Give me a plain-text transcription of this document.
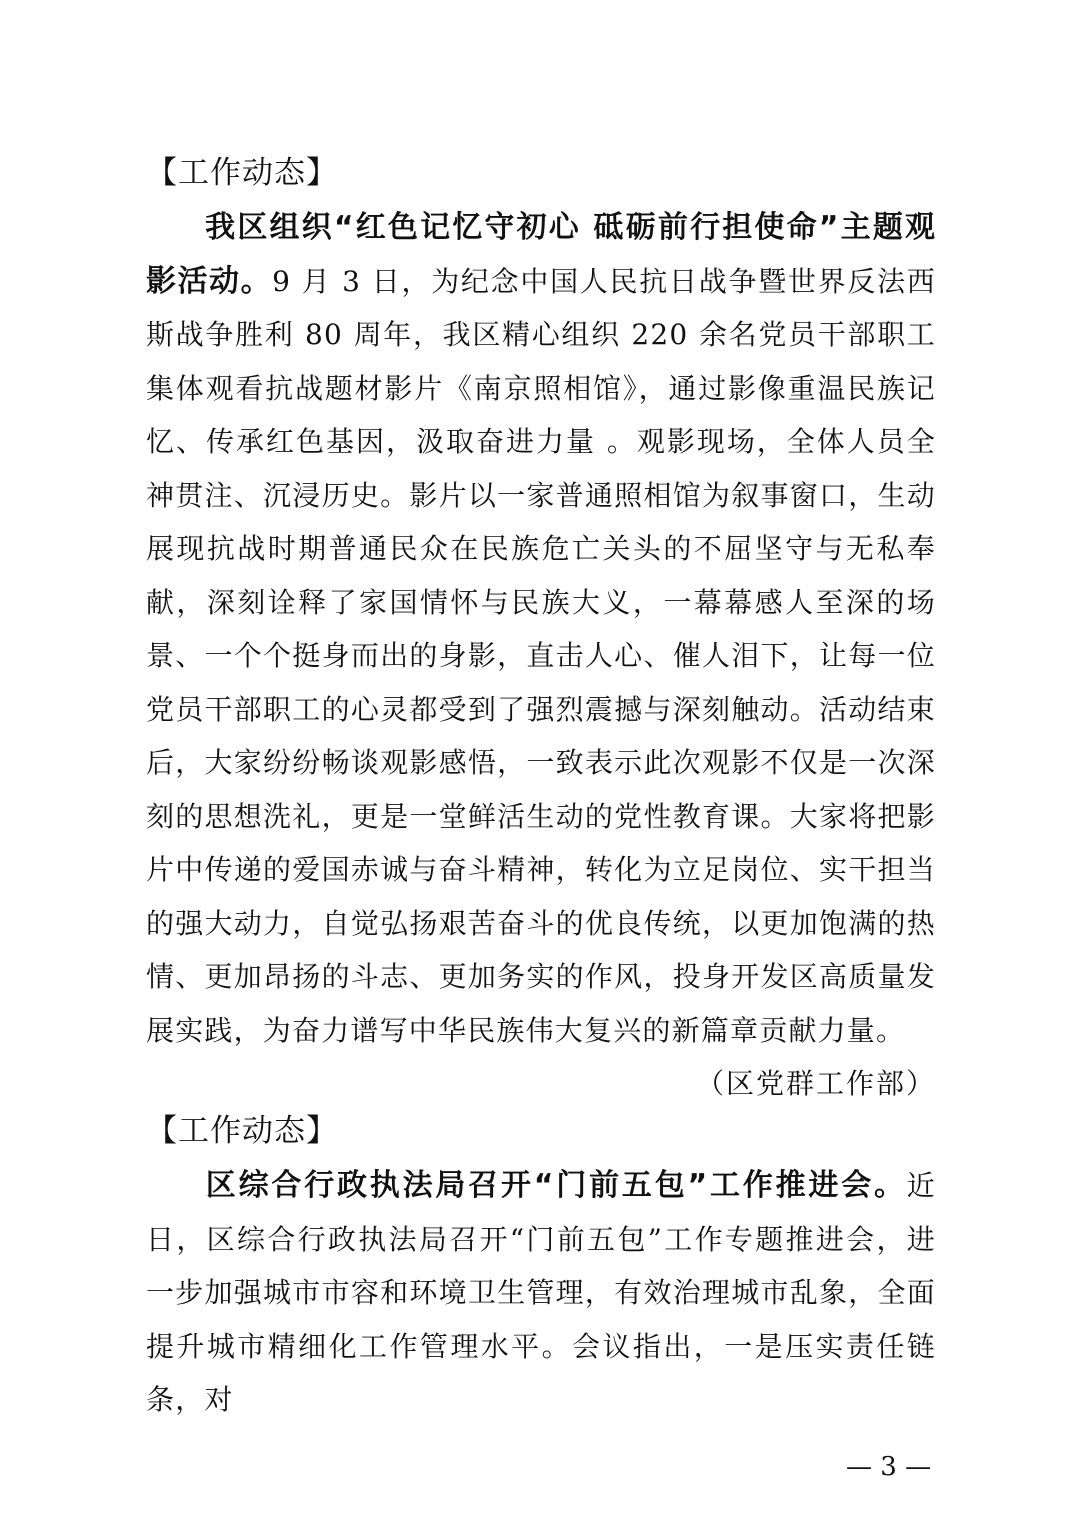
【工作动态】
我区组织“红色记忆守初心 砥砺前行担使命”主题观影活动。9 月 3 日，为纪念中国人民抗日战争暨世界反法西斯战争胜利 80 周年，我区精心组织 220 余名党员干部职工集体观看抗战题材影片《南京照相馆》，通过影像重温民族记忆、传承红色基因，汲取奋进力量 。观影现场，全体人员全神贯注、沉浸历史。影片以一家普通照相馆为叙事窗口，生动展现抗战时期普通民众在民族危亡关头的不屈坚守与无私奉献，深刻诠释了家国情怀与民族大义，一幕幕感人至深的场景、一个个挺身而出的身影，直击人心、催人泪下，让每一位党员干部职工的心灵都受到了强烈震撼与深刻触动。活动结束后，大家纷纷畅谈观影感悟，一致表示此次观影不仅是一次深刻的思想洗礼，更是一堂鲜活生动的党性教育课。大家将把影片中传递的爱国赤诚与奋斗精神，转化为立足岗位、实干担当的强大动力，自觉弘扬艰苦奋斗的优良传统，以更加饱满的热情、更加昂扬的斗志、更加务实的作风，投身开发区高质量发展实践，为奋力谱写中华民族伟大复兴的新篇章贡献力量。
（区党群工作部）
【工作动态】
区综合行政执法局召开“门前五包”工作推进会。近日，区综合行政执法局召开“门前五包”工作专题推进会，进一步加强城市市容和环境卫生管理，有效治理城市乱象，全面提升城市精细化工作管理水平。会议指出，一是压实责任链条，对
— 3 —
